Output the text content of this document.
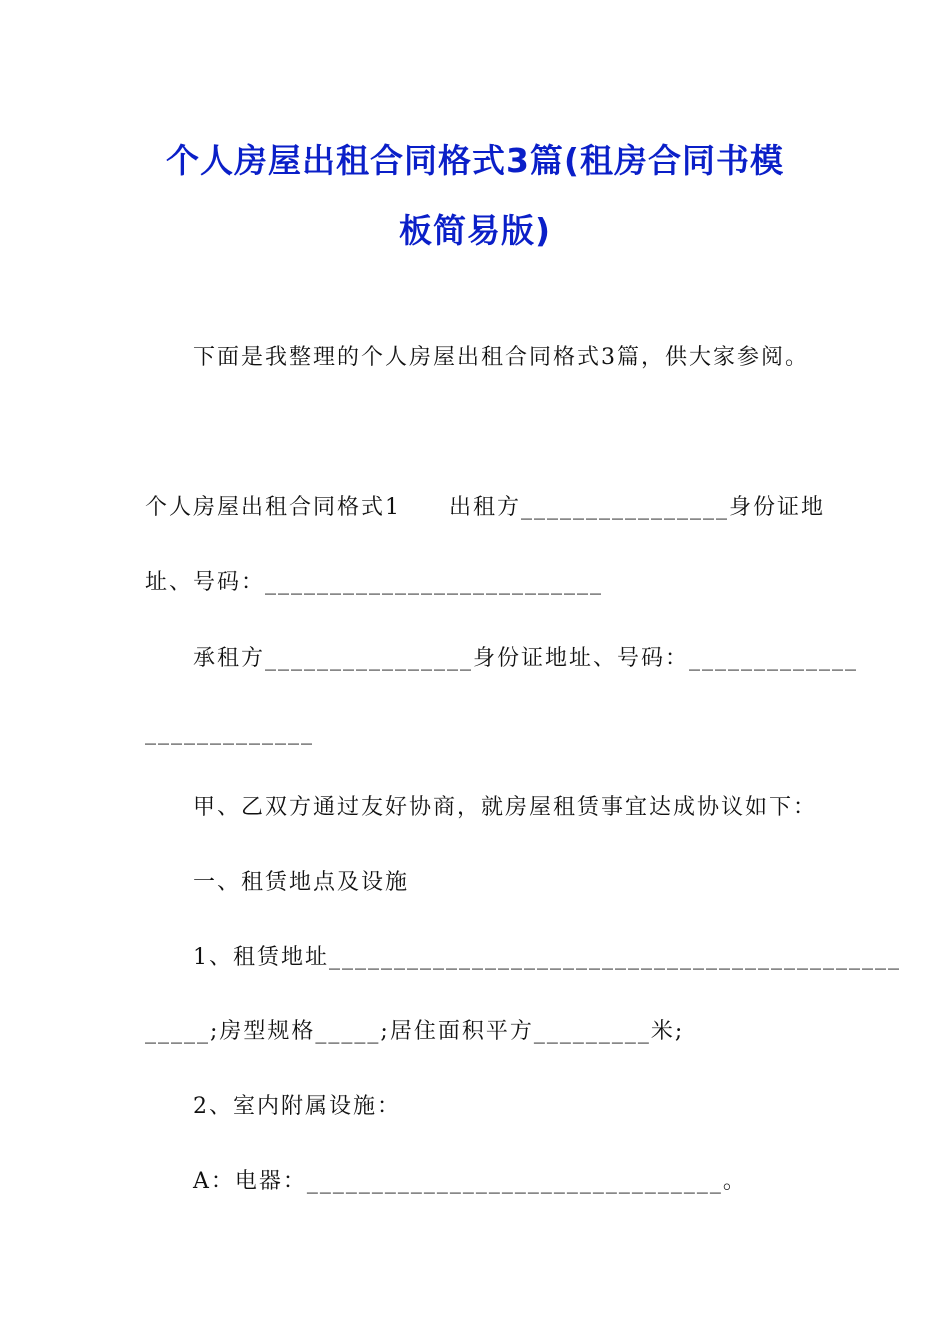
个人房屋出租合同格式3篇(租房合同书模
板简易版)
下面是我整理的个人房屋出租合同格式3篇，供大家参阅。
个人房屋出租合同格式1　　出租方________________身份证地
址、号码：__________________________
承租方________________身份证地址、号码：_____________
_____________
甲、乙双方通过友好协商，就房屋租赁事宜达成协议如下：
一、租赁地点及设施
1、租赁地址____________________________________________
_____;房型规格_____;居住面积平方_________米;
2、室内附属设施：
A：电器：________________________________。
